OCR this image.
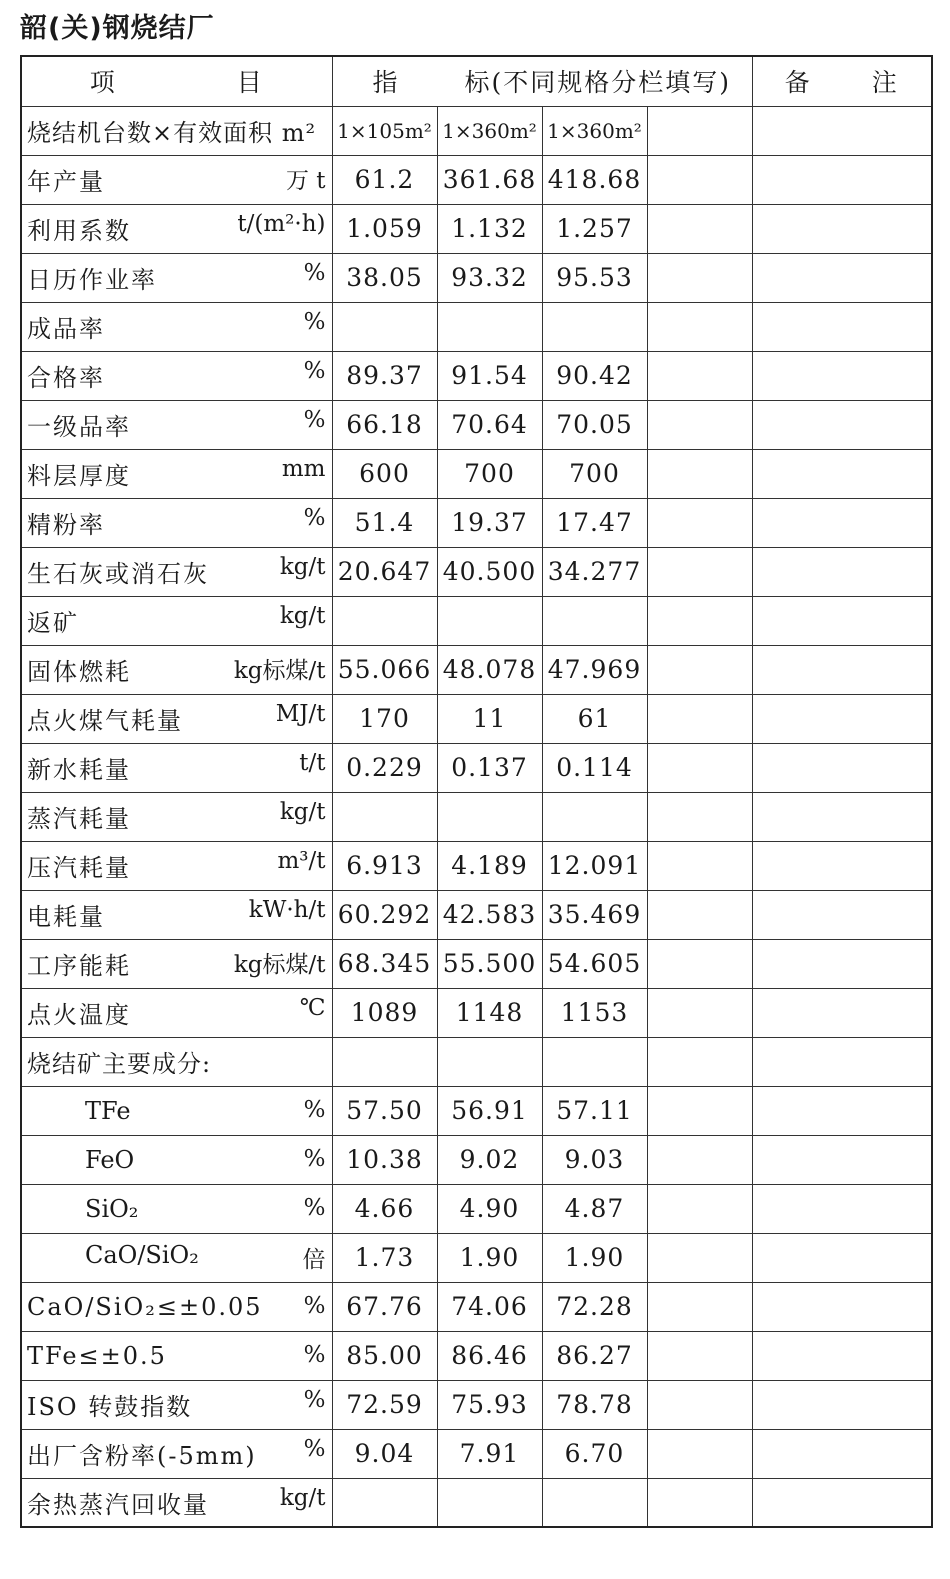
韶(关)钢烧结厂
项 目	指 标(不同规格分栏填写)				备 注

烧结机台数×有效面积 m²	1×105m²	1×360m²	1×360m²		

年产量 万 t	61.2	361.68	418.68		

利用系数 t/(m²·h)	1.059	1.132	1.257		

日历作业率 %	38.05	93.32	95.53		

成品率 %					

合格率 %	89.37	91.54	90.42		

一级品率 %	66.18	70.64	70.05		

料层厚度 mm	600	700	700		

精粉率 %	51.4	19.37	17.47		

生石灰或消石灰 kg/t	20.647	40.500	34.277		

返矿 kg/t					

固体燃耗 kg标煤/t	55.066	48.078	47.969		

点火煤气耗量 MJ/t	170	11	61		

新水耗量 t/t	0.229	0.137	0.114		

蒸汽耗量 kg/t					

压汽耗量 m³/t	6.913	4.189	12.091		

电耗量 kW·h/t	60.292	42.583	35.469		

工序能耗 kg标煤/t	68.345	55.500	54.605		

点火温度 ℃	1089	1148	1153		

烧结矿主要成分:					

TFe %	57.50	56.91	57.11		

FeO %	10.38	9.02	9.03		

SiO₂ %	4.66	4.90	4.87		

CaO/SiO₂ 倍	1.73	1.90	1.90		

CaO/SiO₂≤±0.05 %	67.76	74.06	72.28		

TFe≤±0.5 %	85.00	86.46	86.27		

ISO 转鼓指数 %	72.59	75.93	78.78		

出厂含粉率(-5mm) %	9.04	7.91	6.70		

余热蒸汽回收量 kg/t					
